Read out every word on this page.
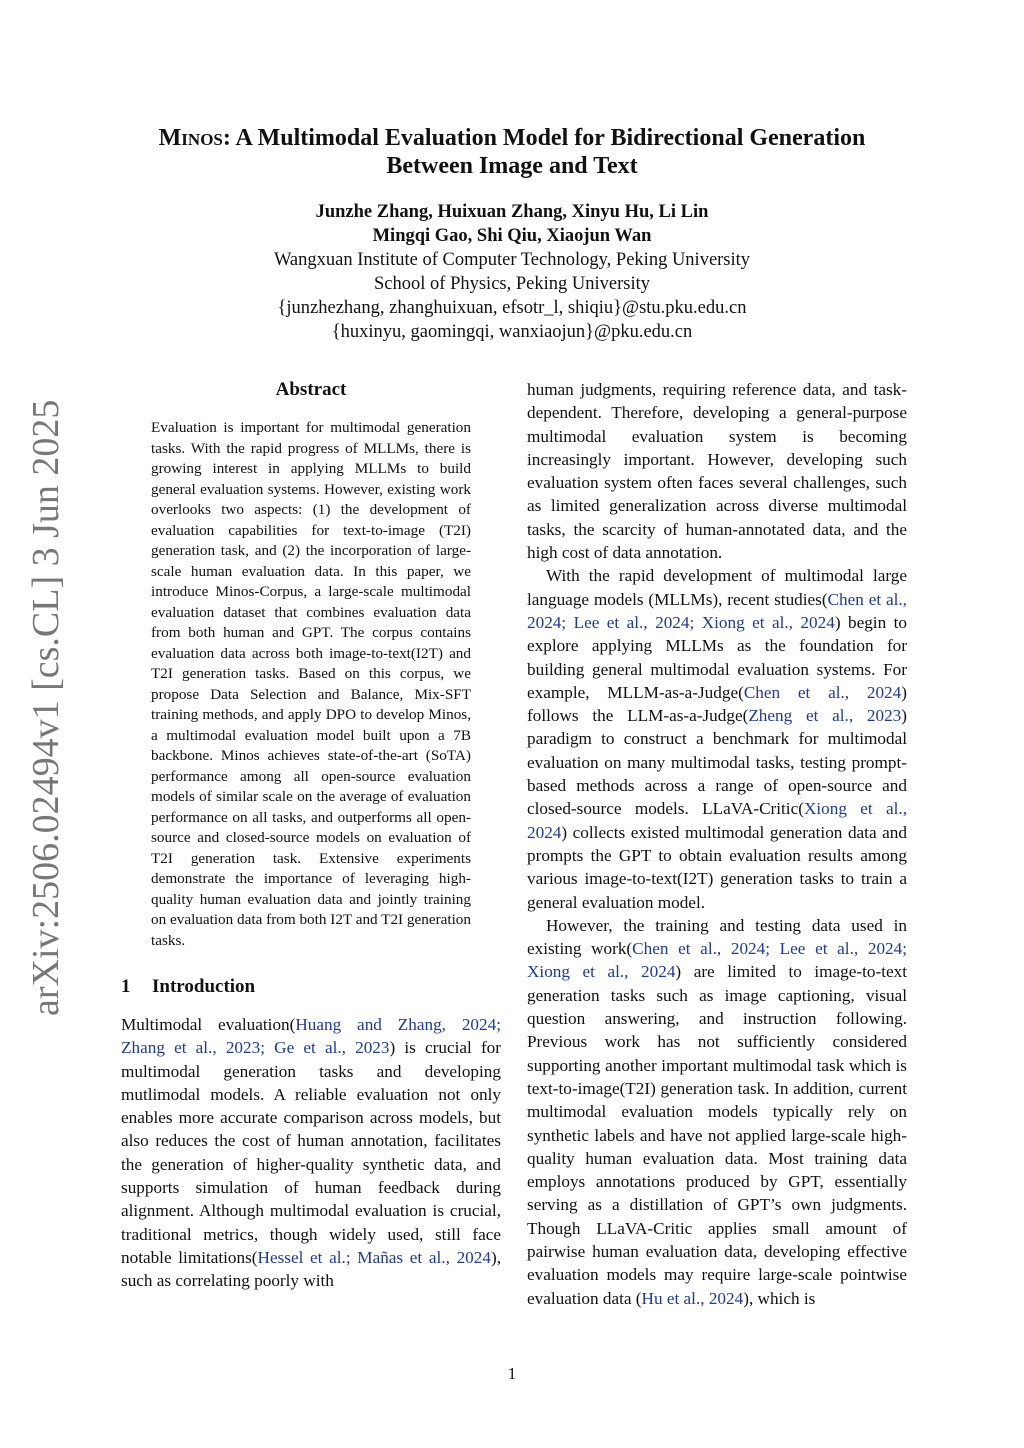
arXiv:2506.02494v1 [cs.CL] 3 Jun 2025
Minos: A Multimodal Evaluation Model for Bidirectional Generation Between Image and Text
Junzhe Zhang, Huixuan Zhang, Xinyu Hu, Li Lin
Mingqi Gao, Shi Qiu, Xiaojun Wan
Wangxuan Institute of Computer Technology, Peking University
School of Physics, Peking University
{junzhezhang, zhanghuixuan, efsotr_l, shiqiu}@stu.pku.edu.cn
{huxinyu, gaomingqi, wanxiaojun}@pku.edu.cn
Abstract
Evaluation is important for multimodal generation tasks. With the rapid progress of MLLMs, there is growing interest in applying MLLMs to build general evaluation systems. However, existing work overlooks two aspects: (1) the development of evaluation capabilities for text-to-image (T2I) generation task, and (2) the incorporation of large-scale human evaluation data. In this paper, we introduce Minos-Corpus, a large-scale multimodal evaluation dataset that combines evaluation data from both human and GPT. The corpus contains evaluation data across both image-to-text(I2T) and T2I generation tasks. Based on this corpus, we propose Data Selection and Balance, Mix-SFT training methods, and apply DPO to develop Minos, a multimodal evaluation model built upon a 7B backbone. Minos achieves state-of-the-art (SoTA) performance among all open-source evaluation models of similar scale on the average of evaluation performance on all tasks, and outperforms all open-source and closed-source models on evaluation of T2I generation task. Extensive experiments demonstrate the importance of leveraging high-quality human evaluation data and jointly training on evaluation data from both I2T and T2I generation tasks.
1 Introduction

Multimodal evaluation(Huang and Zhang, 2024; Zhang et al., 2023; Ge et al., 2023) is crucial for multimodal generation tasks and developing mutlimodal models. A reliable evaluation not only enables more accurate comparison across models, but also reduces the cost of human annotation, facilitates the generation of higher-quality synthetic data, and supports simulation of human feedback during alignment. Although multimodal evaluation is crucial, traditional metrics, though widely used, still face notable limitations(Hessel et al.; Mañas et al., 2024), such as correlating poorly with

human judgments, requiring reference data, and task-dependent. Therefore, developing a general-purpose multimodal evaluation system is becoming increasingly important. However, developing such evaluation system often faces several challenges, such as limited generalization across diverse multimodal tasks, the scarcity of human-annotated data, and the high cost of data annotation.

With the rapid development of multimodal large language models (MLLMs), recent studies(Chen et al., 2024; Lee et al., 2024; Xiong et al., 2024) begin to explore applying MLLMs as the foundation for building general multimodal evaluation systems. For example, MLLM-as-a-Judge(Chen et al., 2024) follows the LLM-as-a-Judge(Zheng et al., 2023) paradigm to construct a benchmark for multimodal evaluation on many multimodal tasks, testing prompt-based methods across a range of open-source and closed-source models. LLaVA-Critic(Xiong et al., 2024) collects existed multimodal generation data and prompts the GPT to obtain evaluation results among various image-to-text(I2T) generation tasks to train a general evaluation model.

However, the training and testing data used in existing work(Chen et al., 2024; Lee et al., 2024; Xiong et al., 2024) are limited to image-to-text generation tasks such as image captioning, visual question answering, and instruction following. Previous work has not sufficiently considered supporting another important multimodal task which is text-to-image(T2I) generation task. In addition, current multimodal evaluation models typically rely on synthetic labels and have not applied large-scale high-quality human evaluation data. Most training data employs annotations produced by GPT, essentially serving as a distillation of GPT’s own judgments. Though LLaVA-Critic applies small amount of pairwise human evaluation data, developing effective evaluation models may require large-scale pointwise evaluation data (Hu et al., 2024), which is

1
